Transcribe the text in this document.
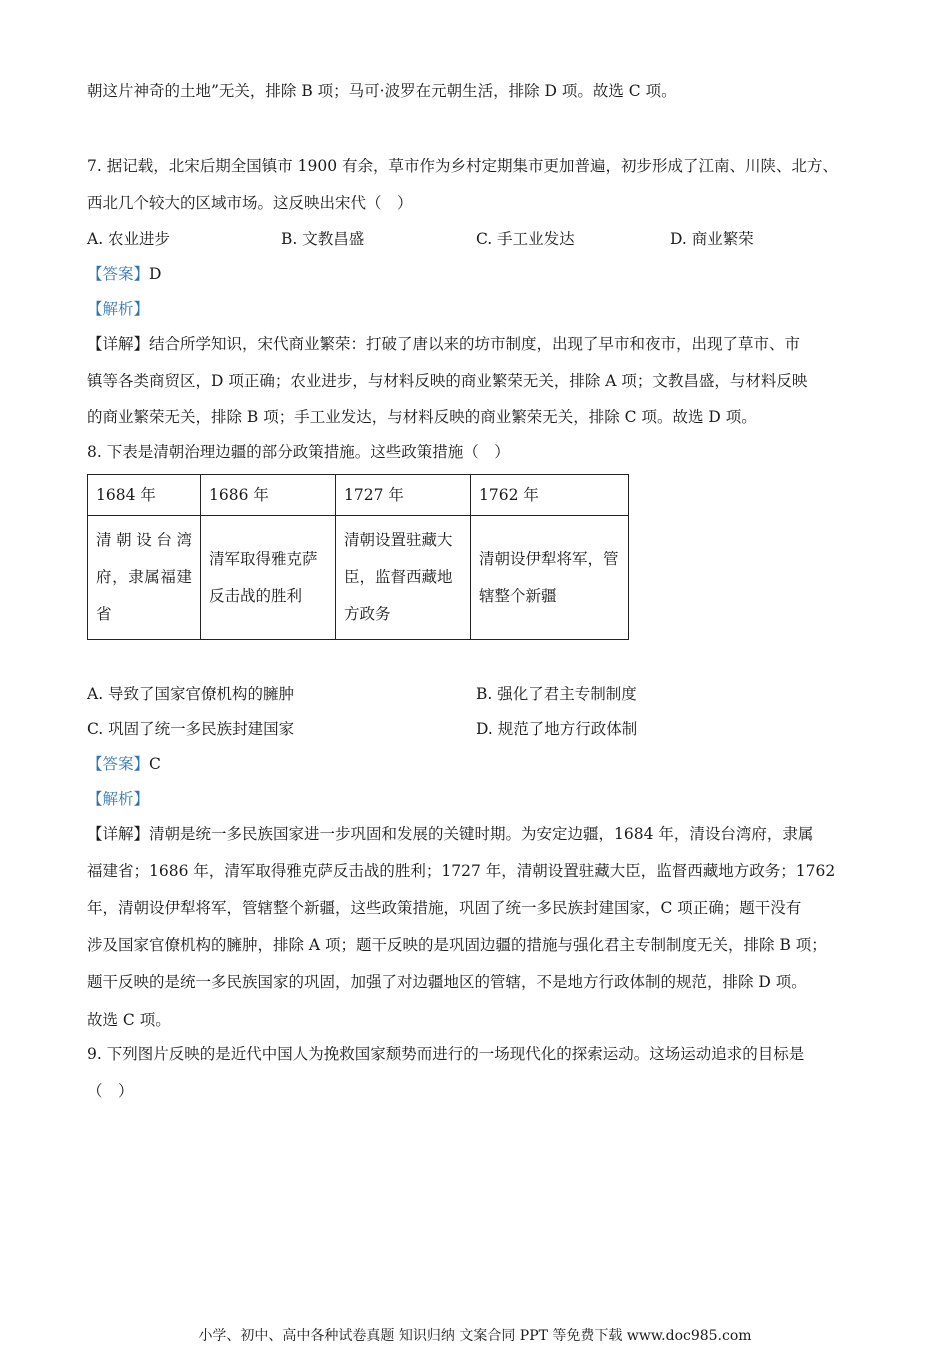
朝这片神奇的土地”无关，排除 B 项；马可·波罗在元朝生活，排除 D 项。故选 C 项。
7. 据记载，北宋后期全国镇市 1900 有余，草市作为乡村定期集市更加普遍，初步形成了江南、川陕、北方、
西北几个较大的区域市场。这反映出宋代（　）
A. 农业进步	B. 文教昌盛	C. 手工业发达	D. 商业繁荣
【答案】D
【解析】
【详解】结合所学知识，宋代商业繁荣：打破了唐以来的坊市制度，出现了早市和夜市，出现了草市、市
镇等各类商贸区，D 项正确；农业进步，与材料反映的商业繁荣无关，排除 A 项；文教昌盛，与材料反映
的商业繁荣无关，排除 B 项；手工业发达，与材料反映的商业繁荣无关，排除 C 项。故选 D 项。
8. 下表是清朝治理边疆的部分政策措施。这些政策措施（　）
1684 年	1686 年	1727 年	1762 年
清朝设台湾府，隶属福建省	清军取得雅克萨反击战的胜利	清朝设置驻藏大臣，监督西藏地方政务	清朝设伊犁将军，管辖整个新疆
A. 导致了国家官僚机构的臃肿	B. 强化了君主专制制度
C. 巩固了统一多民族封建国家	D. 规范了地方行政体制
【答案】C
【解析】
【详解】清朝是统一多民族国家进一步巩固和发展的关键时期。为安定边疆，1684 年，清设台湾府，隶属
福建省；1686 年，清军取得雅克萨反击战的胜利；1727 年，清朝设置驻藏大臣，监督西藏地方政务；1762
年，清朝设伊犁将军，管辖整个新疆，这些政策措施，巩固了统一多民族封建国家，C 项正确；题干没有
涉及国家官僚机构的臃肿，排除 A 项；题干反映的是巩固边疆的措施与强化君主专制制度无关，排除 B 项；
题干反映的是统一多民族国家的巩固，加强了对边疆地区的管辖，不是地方行政体制的规范，排除 D 项。
故选 C 项。
9. 下列图片反映的是近代中国人为挽救国家颓势而进行的一场现代化的探索运动。这场运动追求的目标是
（　）
小学、初中、高中各种试卷真题 知识归纳 文案合同 PPT 等免费下载 www.doc985.com
